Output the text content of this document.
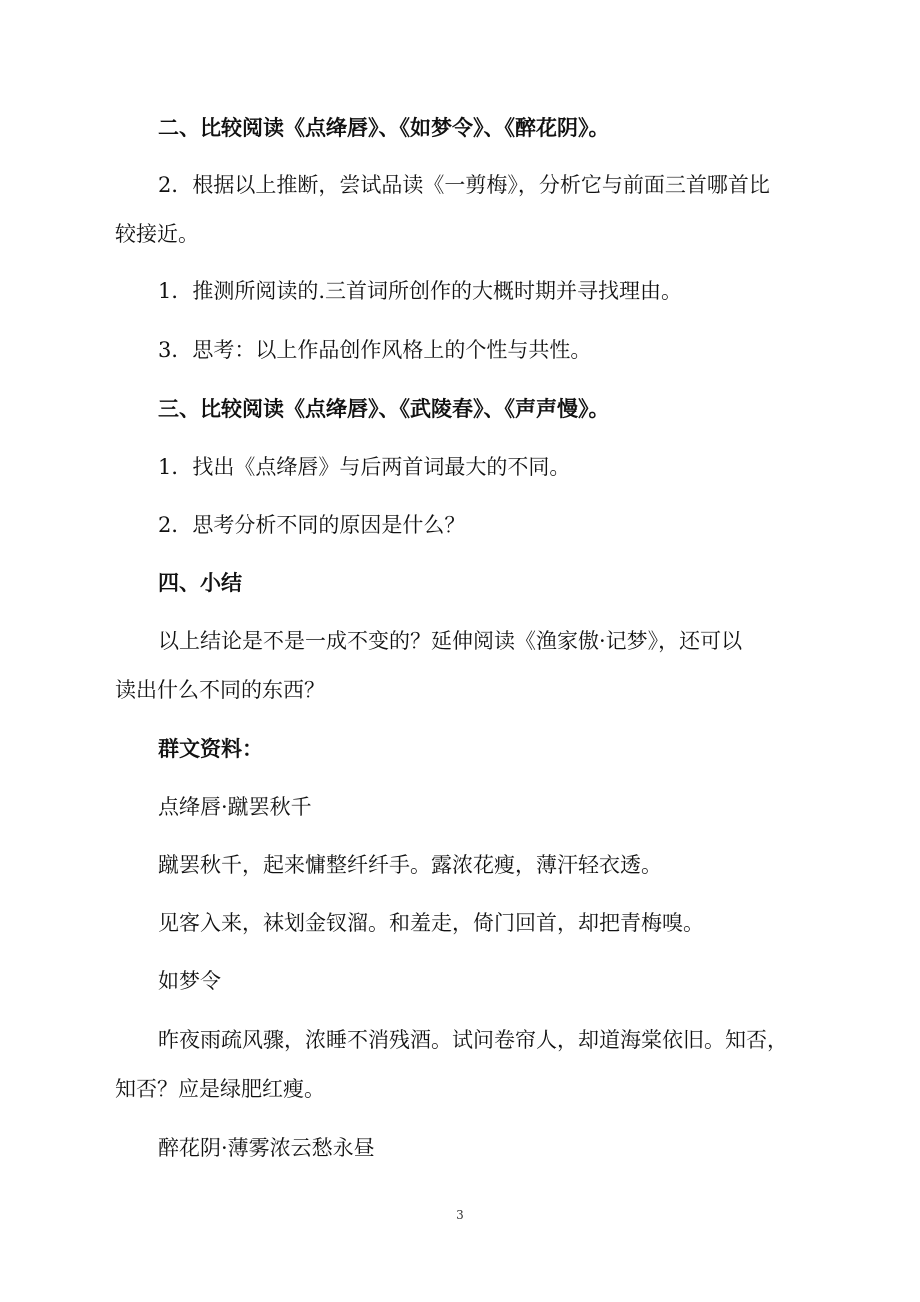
二、比较阅读《点绛唇》、《如梦令》、《醉花阴》。

2．根据以上推断，尝试品读《一剪梅》，分析它与前面三首哪首比

较接近。

1．推测所阅读的.三首词所创作的大概时期并寻找理由。

3．思考：以上作品创作风格上的个性与共性。

三、比较阅读《点绛唇》、《武陵春》、《声声慢》。

1．找出《点绛唇》与后两首词最大的不同。

2．思考分析不同的原因是什么？

四、小结

以上结论是不是一成不变的？延伸阅读《渔家傲·记梦》，还可以

读出什么不同的东西？

群文资料：

点绛唇·蹴罢秋千

蹴罢秋千，起来慵整纤纤手。露浓花瘦，薄汗轻衣透。

见客入来，袜划金钗溜。和羞走，倚门回首，却把青梅嗅。

如梦令

昨夜雨疏风骤，浓睡不消残酒。试问卷帘人，却道海棠依旧。知否，

知否？应是绿肥红瘦。

醉花阴·薄雾浓云愁永昼

3
